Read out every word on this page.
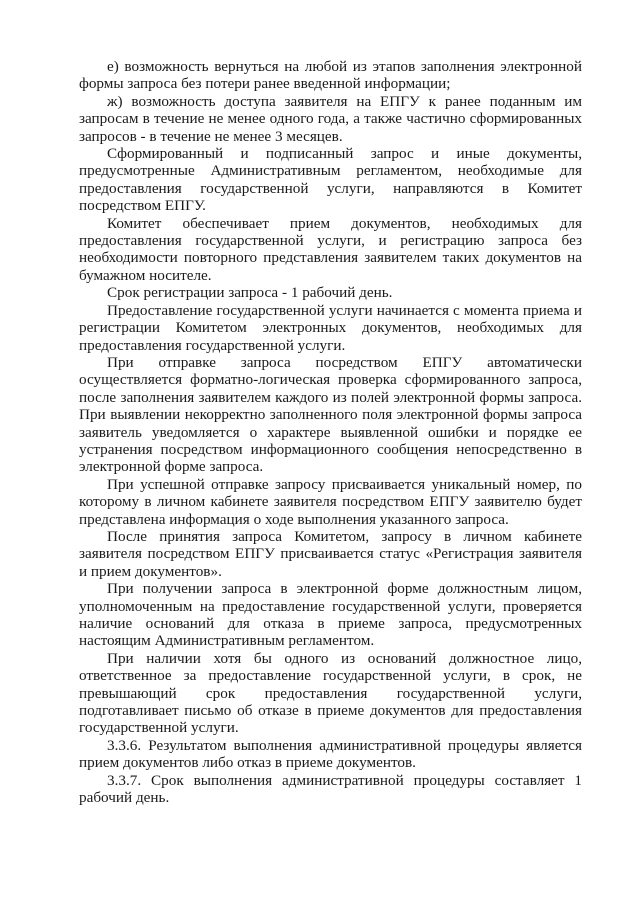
е) возможность вернуться на любой из этапов заполнения электронной формы запроса без потери ранее введенной информации;

ж) возможность доступа заявителя на ЕПГУ к ранее поданным им запросам в течение не менее одного года, а также частично сформированных запросов - в течение не менее 3 месяцев.

Сформированный и подписанный запрос и иные документы, предусмотренные Административным регламентом, необходимые для предоставления государственной услуги, направляются в Комитет посредством ЕПГУ.

Комитет обеспечивает прием документов, необходимых для предоставления государственной услуги, и регистрацию запроса без необходимости повторного представления заявителем таких документов на бумажном носителе.

Срок регистрации запроса - 1 рабочий день.

Предоставление государственной услуги начинается с момента приема и регистрации Комитетом электронных документов, необходимых для предоставления государственной услуги.

При отправке запроса посредством ЕПГУ автоматически осуществляется форматно-логическая проверка сформированного запроса, после заполнения заявителем каждого из полей электронной формы запроса. При выявлении некорректно заполненного поля электронной формы запроса заявитель уведомляется о характере выявленной ошибки и порядке ее устранения посредством информационного сообщения непосредственно в электронной форме запроса.

При успешной отправке запросу присваивается уникальный номер, по которому в личном кабинете заявителя посредством ЕПГУ заявителю будет представлена информация о ходе выполнения указанного запроса.

После принятия запроса Комитетом, запросу в личном кабинете заявителя посредством ЕПГУ присваивается статус «Регистрация заявителя и прием документов».

При получении запроса в электронной форме должностным лицом, уполномоченным на предоставление государственной услуги, проверяется наличие оснований для отказа в приеме запроса, предусмотренных настоящим Административным регламентом.

При наличии хотя бы одного из оснований должностное лицо, ответственное за предоставление государственной услуги, в срок, не превышающий срок предоставления государственной услуги, подготавливает письмо об отказе в приеме документов для предоставления государственной услуги.

3.3.6. Результатом выполнения административной процедуры является прием документов либо отказ в приеме документов.

3.3.7. Срок выполнения административной процедуры составляет 1 рабочий день.
